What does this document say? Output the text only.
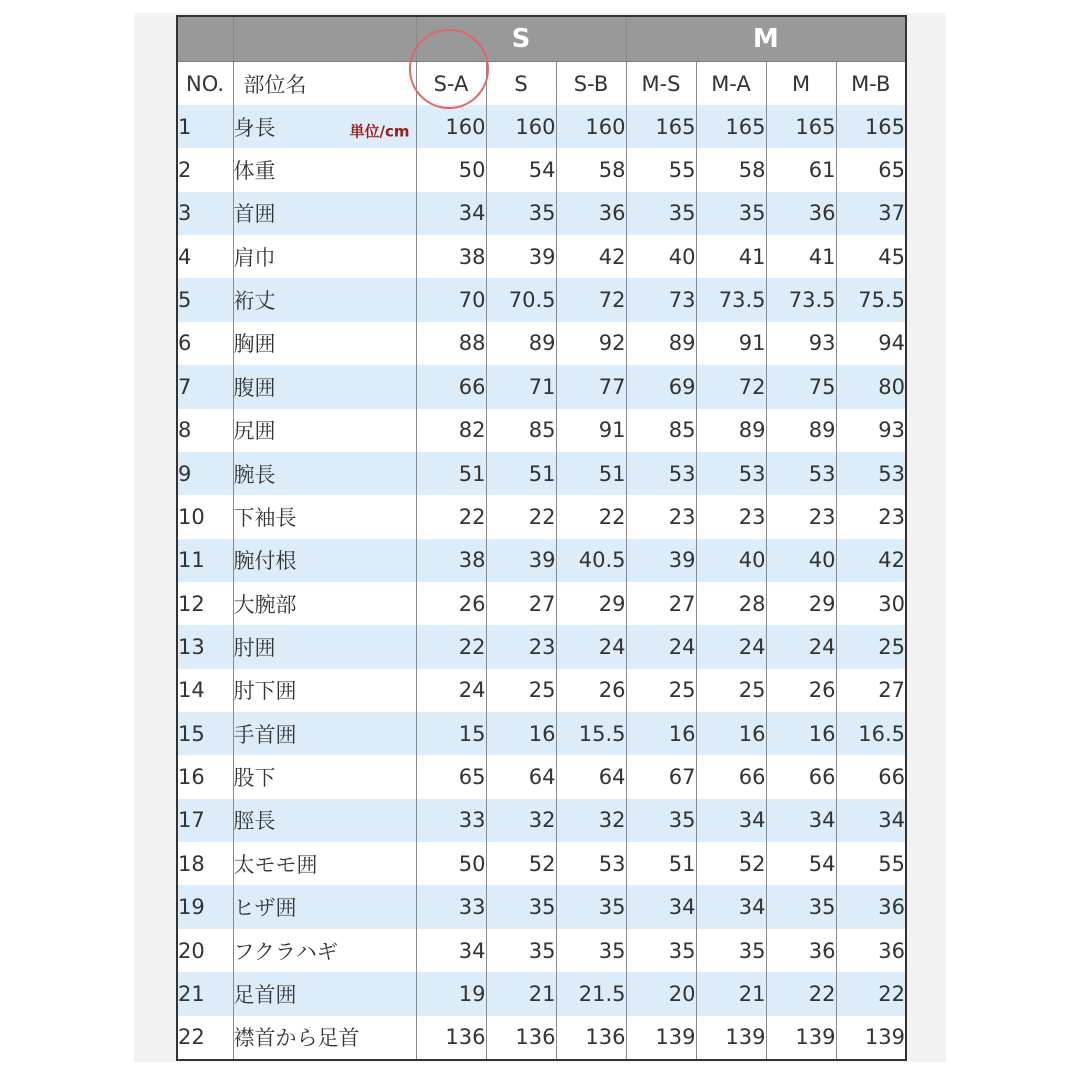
		S			M			
NO.	部位名	S-A	S	S-B	M-S	M-A	M	M-B
1	身長 単位/cm	160	160	160	165	165	165	165
2	体重	50	54	58	55	58	61	65
3	首囲	34	35	36	35	35	36	37
4	肩巾	38	39	42	40	41	41	45
5	裄丈	70	70.5	72	73	73.5	73.5	75.5
6	胸囲	88	89	92	89	91	93	94
7	腹囲	66	71	77	69	72	75	80
8	尻囲	82	85	91	85	89	89	93
9	腕長	51	51	51	53	53	53	53
10	下袖長	22	22	22	23	23	23	23
11	腕付根	38	39	40.5	39	40	40	42
12	大腕部	26	27	29	27	28	29	30
13	肘囲	22	23	24	24	24	24	25
14	肘下囲	24	25	26	25	25	26	27
15	手首囲	15	16	15.5	16	16	16	16.5
16	股下	65	64	64	67	66	66	66
17	脛長	33	32	32	35	34	34	34
18	太モモ囲	50	52	53	51	52	54	55
19	ヒザ囲	33	35	35	34	34	35	36
20	フクラハギ	34	35	35	35	35	36	36
21	足首囲	19	21	21.5	20	21	22	22
22	襟首から足首	136	136	136	139	139	139	139
